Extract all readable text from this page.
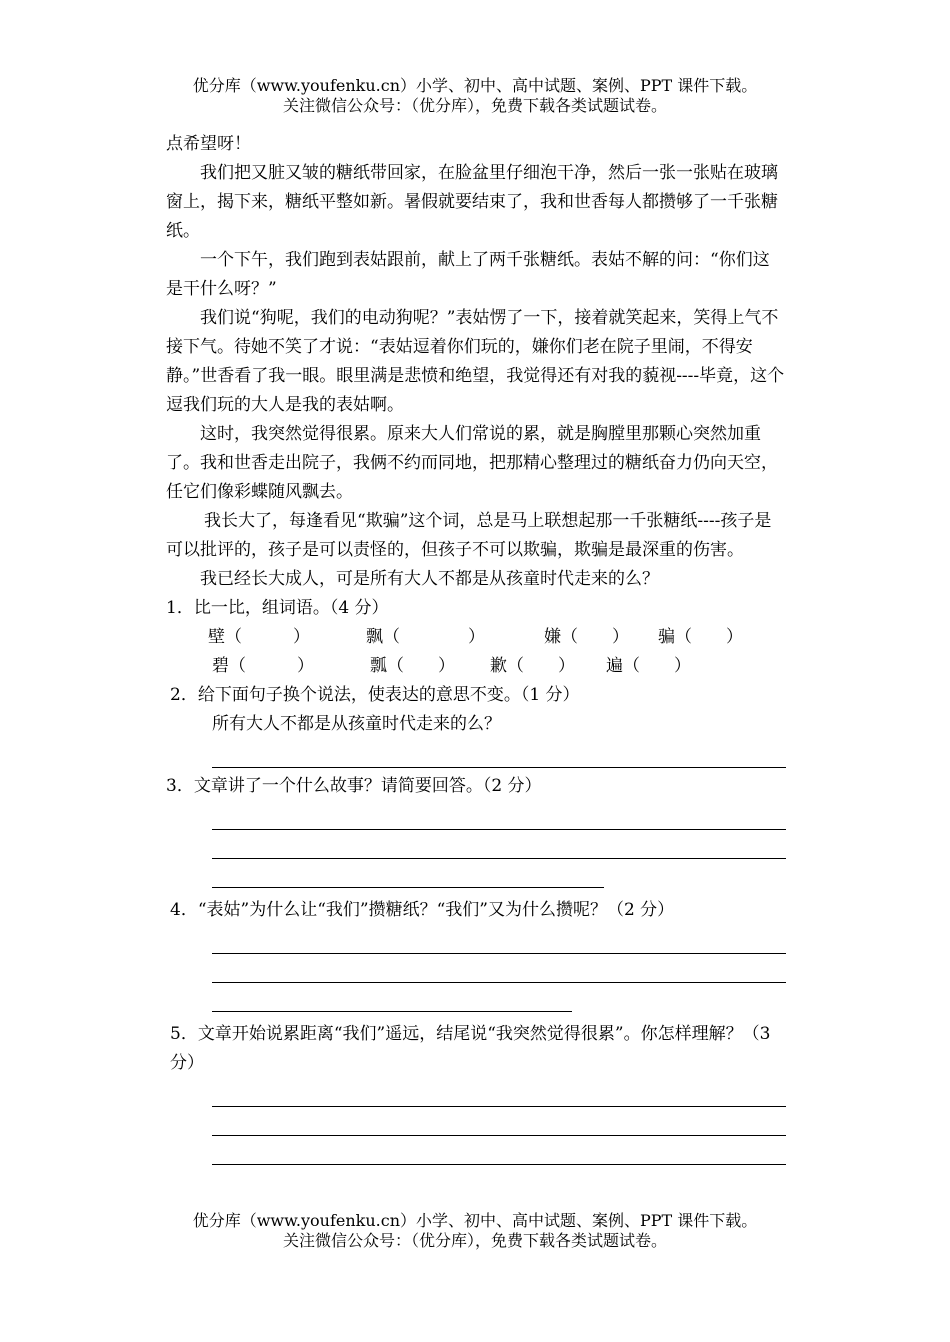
优分库（www.youfenku.cn）小学、初中、高中试题、案例、PPT 课件下载。
关注微信公众号：（优分库），免费下载各类试题试卷。

点希望呀！

我们把又脏又皱的糖纸带回家，在脸盆里仔细泡干净，然后一张一张贴在玻璃窗上，揭下来，糖纸平整如新。暑假就要结束了，我和世香每人都攒够了一千张糖纸。

一个下午，我们跑到表姑跟前，献上了两千张糖纸。表姑不解的问：“你们这是干什么呀？”

我们说“狗呢，我们的电动狗呢？”表姑愣了一下，接着就笑起来，笑得上气不接下气。待她不笑了才说：“表姑逗着你们玩的，嫌你们老在院子里闹，不得安静。”世香看了我一眼。眼里满是悲愤和绝望，我觉得还有对我的藐视----毕竟，这个逗我们玩的大人是我的表姑啊。

这时，我突然觉得很累。原来大人们常说的累，就是胸膛里那颗心突然加重了。我和世香走出院子，我俩不约而同地，把那精心整理过的糖纸奋力仍向天空，任它们像彩蝶随风飘去。

我长大了，每逢看见“欺骗”这个词，总是马上联想起那一千张糖纸----孩子是可以批评的，孩子是可以责怪的，但孩子不可以欺骗，欺骗是最深重的伤害。

我已经长大成人，可是所有大人不都是从孩童时代走来的么？

1．比一比，组词语。（4 分）

壁（　　　）	飘（　　　　）	嫌（　　） 骗（　　）
碧（　　　）	瓢（　　） 歉（　　） 遍（　　）

2．给下面句子换个说法，使表达的意思不变。（1 分）

所有大人不都是从孩童时代走来的么？

3．文章讲了一个什么故事？请简要回答。（2 分）

4．“表姑”为什么让“我们”攒糖纸？“我们”又为什么攒呢？（2 分）

5．文章开始说累距离“我们”遥远，结尾说“我突然觉得很累”。你怎样理解？（3 分）

优分库（www.youfenku.cn）小学、初中、高中试题、案例、PPT 课件下载。
关注微信公众号：（优分库），免费下载各类试题试卷。
